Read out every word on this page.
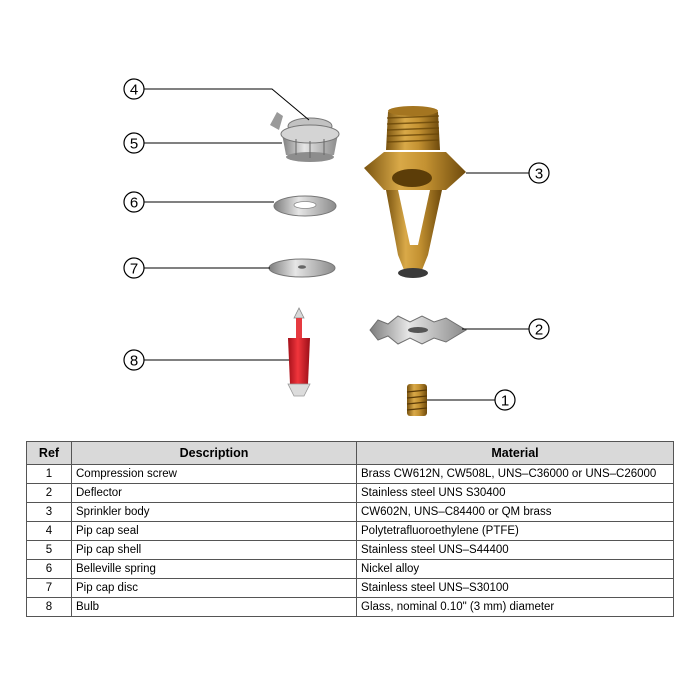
4
5
6
7
8
3
2
1
Ref	Description	Material
1	Compression screw	Brass CW612N, CW508L, UNS–C36000 or UNS–C26000
2	Deflector	Stainless steel UNS S30400
3	Sprinkler body	CW602N, UNS–C84400 or QM brass
4	Pip cap seal	Polytetrafluoroethylene (PTFE)
5	Pip cap shell	Stainless steel UNS–S44400
6	Belleville spring	Nickel alloy
7	Pip cap disc	Stainless steel UNS–S30100
8	Bulb	Glass, nominal 0.10" (3 mm) diameter
